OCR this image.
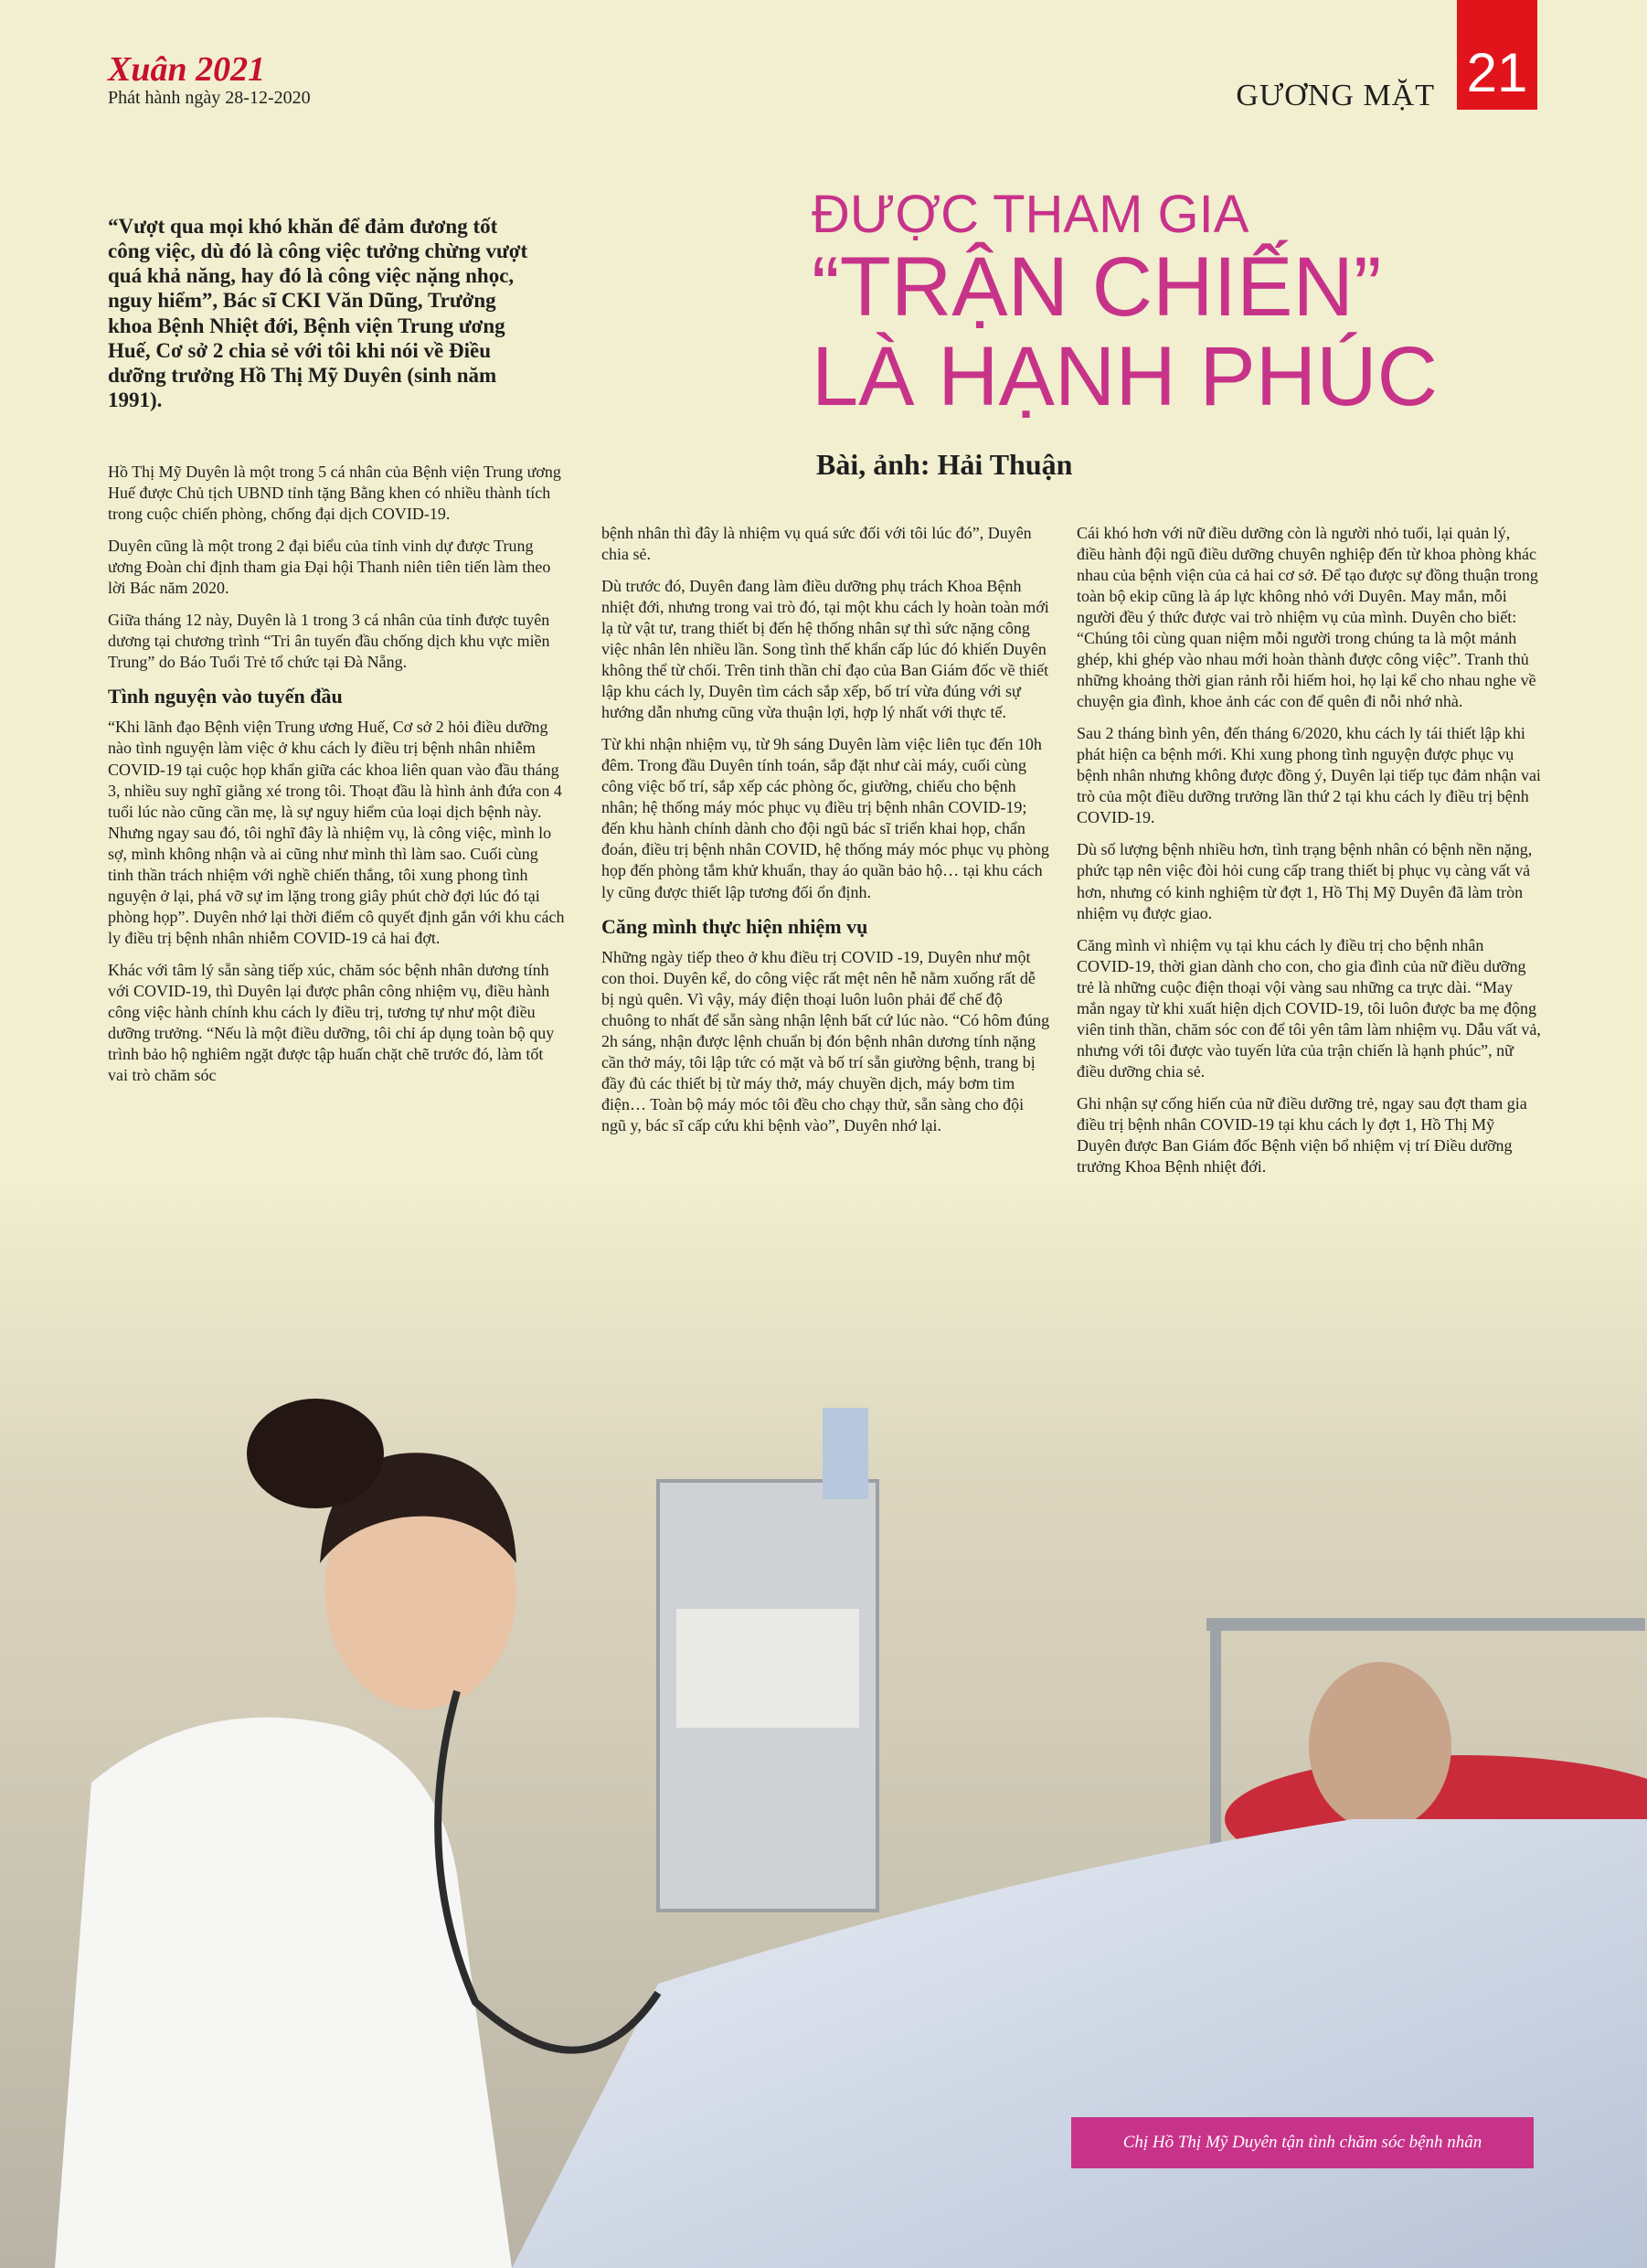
Xuân 2021
Phát hành ngày 28-12-2020	GƯƠNG MẶT 21
“Vượt qua mọi khó khăn để đảm đương tốt công việc, dù đó là công việc tưởng chừng vượt quá khả năng, hay đó là công việc nặng nhọc, nguy hiểm”, Bác sĩ CKI Văn Dũng, Trưởng khoa Bệnh Nhiệt đới, Bệnh viện Trung ương Huế, Cơ sở 2 chia sẻ với tôi khi nói về Điều dưỡng trưởng Hồ Thị Mỹ Duyên (sinh năm 1991).
ĐƯỢC THAM GIA
“TRẬN CHIẾN”
LÀ HẠNH PHÚC
Bài, ảnh: Hải Thuận

Hồ Thị Mỹ Duyên là một trong 5 cá nhân của Bệnh viện Trung ương Huế được Chủ tịch UBND tỉnh tặng Bằng khen có nhiều thành tích trong cuộc chiến phòng, chống đại dịch COVID-19.

Duyên cũng là một trong 2 đại biểu của tỉnh vinh dự được Trung ương Đoàn chỉ định tham gia Đại hội Thanh niên tiên tiến làm theo lời Bác năm 2020.

Giữa tháng 12 này, Duyên là 1 trong 3 cá nhân của tỉnh được tuyên dương tại chương trình “Tri ân tuyến đầu chống dịch khu vực miền Trung” do Báo Tuổi Trẻ tổ chức tại Đà Nẵng.

Tình nguyện vào tuyến đầu

“Khi lãnh đạo Bệnh viện Trung ương Huế, Cơ sở 2 hỏi điều dưỡng nào tình nguyện làm việc ở khu cách ly điều trị bệnh nhân nhiễm COVID-19 tại cuộc họp khẩn giữa các khoa liên quan vào đầu tháng 3, nhiều suy nghĩ giằng xé trong tôi. Thoạt đầu là hình ảnh đứa con 4 tuổi lúc nào cũng cần mẹ, là sự nguy hiểm của loại dịch bệnh này. Nhưng ngay sau đó, tôi nghĩ đây là nhiệm vụ, là công việc, mình lo sợ, mình không nhận và ai cũng như mình thì làm sao. Cuối cùng tinh thần trách nhiệm với nghề chiến thắng, tôi xung phong tình nguyện ở lại, phá vỡ sự im lặng trong giây phút chờ đợi lúc đó tại phòng họp”. Duyên nhớ lại thời điểm cô quyết định gắn với khu cách ly điều trị bệnh nhân nhiễm COVID-19 cả hai đợt.

Khác với tâm lý sẵn sàng tiếp xúc, chăm sóc bệnh nhân dương tính với COVID-19, thì Duyên lại được phân công nhiệm vụ, điều hành công việc hành chính khu cách ly điều trị, tương tự như một điều dưỡng trưởng. “Nếu là một điều dưỡng, tôi chỉ áp dụng toàn bộ quy trình bảo hộ nghiêm ngặt được tập huấn chặt chẽ trước đó, làm tốt vai trò chăm sóc

bệnh nhân thì đây là nhiệm vụ quá sức đối với tôi lúc đó”, Duyên chia sẻ.

Dù trước đó, Duyên đang làm điều dưỡng phụ trách Khoa Bệnh nhiệt đới, nhưng trong vai trò đó, tại một khu cách ly hoàn toàn mới lạ từ vật tư, trang thiết bị đến hệ thống nhân sự thì sức nặng công việc nhân lên nhiều lần. Song tình thế khẩn cấp lúc đó khiến Duyên không thể từ chối. Trên tinh thần chỉ đạo của Ban Giám đốc về thiết lập khu cách ly, Duyên tìm cách sắp xếp, bố trí vừa đúng với sự hướng dẫn nhưng cũng vừa thuận lợi, hợp lý nhất với thực tế.

Từ khi nhận nhiệm vụ, từ 9h sáng Duyên làm việc liên tục đến 10h đêm. Trong đầu Duyên tính toán, sắp đặt như cài máy, cuối cùng công việc bố trí, sắp xếp các phòng ốc, giường, chiếu cho bệnh nhân; hệ thống máy móc phục vụ điều trị bệnh nhân COVID-19; đến khu hành chính dành cho đội ngũ bác sĩ triển khai họp, chẩn đoán, điều trị bệnh nhân COVID, hệ thống máy móc phục vụ phòng họp đến phòng tắm khử khuẩn, thay áo quần bảo hộ… tại khu cách ly cũng được thiết lập tương đối ổn định.

Căng mình thực hiện nhiệm vụ

Những ngày tiếp theo ở khu điều trị COVID -19, Duyên như một con thoi. Duyên kể, do công việc rất mệt nên hễ nằm xuống rất dễ bị ngủ quên. Vì vậy, máy điện thoại luôn luôn phải để chế độ chuông to nhất để sẵn sàng nhận lệnh bất cứ lúc nào. “Có hôm đúng 2h sáng, nhận được lệnh chuẩn bị đón bệnh nhân dương tính nặng cần thở máy, tôi lập tức có mặt và bố trí sẵn giường bệnh, trang bị đầy đủ các thiết bị từ máy thở, máy chuyền dịch, máy bơm tim điện… Toàn bộ máy móc tôi đều cho chạy thử, sẵn sàng cho đội ngũ y, bác sĩ cấp cứu khi bệnh vào”, Duyên nhớ lại.

Cái khó hơn với nữ điều dưỡng còn là người nhỏ tuổi, lại quản lý, điều hành đội ngũ điều dưỡng chuyên nghiệp đến từ khoa phòng khác nhau của bệnh viện của cả hai cơ sở. Để tạo được sự đồng thuận trong toàn bộ ekip cũng là áp lực không nhỏ với Duyên. May mắn, mỗi người đều ý thức được vai trò nhiệm vụ của mình. Duyên cho biết: “Chúng tôi cùng quan niệm mỗi người trong chúng ta là một mảnh ghép, khi ghép vào nhau mới hoàn thành được công việc”. Tranh thủ những khoảng thời gian rảnh rỗi hiếm hoi, họ lại kể cho nhau nghe về chuyện gia đình, khoe ảnh các con để quên đi nỗi nhớ nhà.

Sau 2 tháng bình yên, đến tháng 6/2020, khu cách ly tái thiết lập khi phát hiện ca bệnh mới. Khi xung phong tình nguyện được phục vụ bệnh nhân nhưng không được đồng ý, Duyên lại tiếp tục đảm nhận vai trò của một điều dưỡng trưởng lần thứ 2 tại khu cách ly điều trị bệnh COVID-19.

Dù số lượng bệnh nhiều hơn, tình trạng bệnh nhân có bệnh nền nặng, phức tạp nên việc đòi hỏi cung cấp trang thiết bị phục vụ càng vất vả hơn, nhưng có kinh nghiệm từ đợt 1, Hồ Thị Mỹ Duyên đã làm tròn nhiệm vụ được giao.

Căng mình vì nhiệm vụ tại khu cách ly điều trị cho bệnh nhân COVID-19, thời gian dành cho con, cho gia đình của nữ điều dưỡng trẻ là những cuộc điện thoại vội vàng sau những ca trực dài. “May mắn ngay từ khi xuất hiện dịch COVID-19, tôi luôn được ba mẹ động viên tinh thần, chăm sóc con để tôi yên tâm làm nhiệm vụ. Dẫu vất vả, nhưng với tôi được vào tuyến lửa của trận chiến là hạnh phúc”, nữ điều dưỡng chia sẻ.

Ghi nhận sự cống hiến của nữ điều dưỡng trẻ, ngay sau đợt tham gia điều trị bệnh nhân COVID-19 tại khu cách ly đợt 1, Hồ Thị Mỹ Duyên được Ban Giám đốc Bệnh viện bổ nhiệm vị trí Điều dưỡng trưởng Khoa Bệnh nhiệt đới.

Chị Hồ Thị Mỹ Duyên tận tình chăm sóc bệnh nhân
